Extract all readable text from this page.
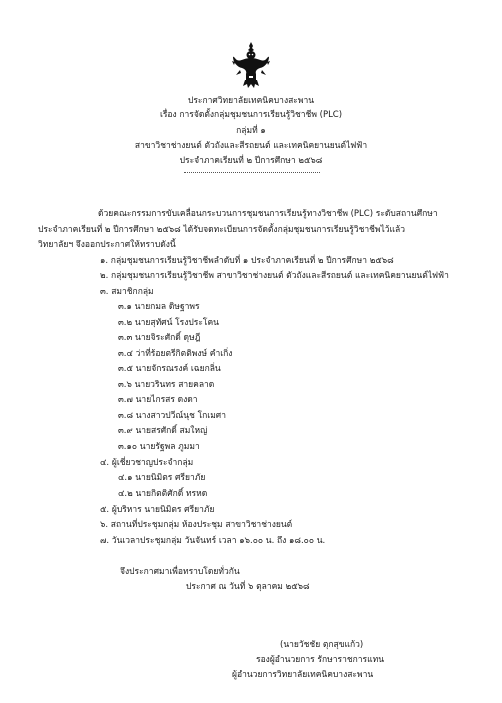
ประกาศวิทยาลัยเทคนิคบางสะพาน
เรื่อง การจัดตั้งกลุ่มชุมชนการเรียนรู้วิชาชีพ (PLC)
กลุ่มที่ ๑
สาขาวิชาช่างยนต์ ตัวถังและสีรถยนต์ และเทคนิคยานยนต์ไฟฟ้า
ประจำภาคเรียนที่ ๒ ปีการศึกษา ๒๕๖๘
ด้วยคณะกรรมการขับเคลื่อนกระบวนการชุมชนการเรียนรู้ทางวิชาชีพ (PLC) ระดับสถานศึกษา
ประจำภาคเรียนที่ ๒ ปีการศึกษา ๒๕๖๘ ได้รับจดทะเบียนการจัดตั้งกลุ่มชุมชนการเรียนรู้วิชาชีพไว้แล้ว
วิทยาลัยฯ จึงออกประกาศให้ทราบดังนี้
๑. กลุ่มชุมชนการเรียนรู้วิชาชีพลำดับที่ ๑ ประจำภาคเรียนที่ ๒ ปีการศึกษา ๒๕๖๘
๒. กลุ่มชุมชนการเรียนรู้วิชาชีพ สาขาวิชาช่างยนต์ ตัวถังและสีรถยนต์ และเทคนิคยานยนต์ไฟฟ้า
๓. สมาชิกกลุ่ม
๓.๑ นายกมล ดิษฐาพร
๓.๒ นายสุทัศน์ โรงประโคน
๓.๓ นายจิระศักดิ์ ดุษฎี
๓.๔ ว่าที่ร้อยตรีกิตติพงษ์ คำเกิ่ง
๓.๕ นายจักรณรงค์ เฉยกลิ่น
๓.๖ นายวรินทร สายคลาด
๓.๗ นายไกรสร ดงดา
๓.๘ นางสาวปวีณ์นุช โกเมศา
๓.๙ นายสรศักดิ์ สมใหญ่
๓.๑๐ นายรัฐพล ภูมมา
๔. ผู้เชี่ยวชาญประจำกลุ่ม
๔.๑ นายนิมิตร ศรียาภัย
๔.๒ นายกิตติศักดิ์ ทรหด
๕. ผู้บริหาร นายนิมิตร ศรียาภัย
๖. สถานที่ประชุมกลุ่ม ห้องประชุม สาขาวิชาช่างยนต์
๗. วันเวลาประชุมกลุ่ม วันจันทร์ เวลา ๑๖.๐๐ น. ถึง ๑๘.๐๐ น.
จึงประกาศมาเพื่อทราบโดยทั่วกัน
ประกาศ ณ วันที่ ๖ ตุลาคม ๒๕๖๘
(นายวัชชัย ตุกสุขแก้ว)
รองผู้อำนวยการ รักษาราชการแทน
ผู้อำนวยการวิทยาลัยเทคนิคบางสะพาน
